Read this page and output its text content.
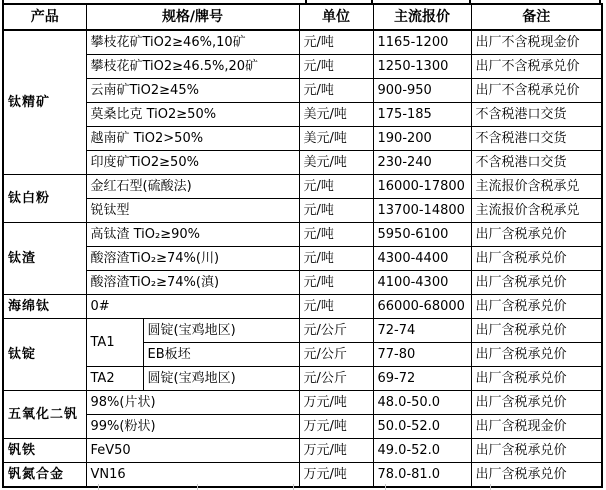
产品	规格/牌号		单位	主流报价	备注
钛精矿	攀枝花矿TiO2≥46%,10矿		元/吨	1165-1200	出厂不含税现金价
	攀枝花矿TiO2≥46.5%,20矿		元/吨	1250-1300	出厂不含税承兑价
	云南矿TiO2≥45%		元/吨	900-950	出厂不含税承兑价
	莫桑比克 TiO2≥50%		美元/吨	175-185	不含税港口交货
	越南矿 TiO2>50%		美元/吨	190-200	不含税港口交货
	印度矿TiO2≥50%		美元/吨	230-240	不含税港口交货
钛白粉	金红石型(硫酸法)		元/吨	16000-17800	主流报价含税承兑
	锐钛型		元/吨	13700-14800	主流报价含税承兑
钛渣	高钛渣 TiO₂≥90%		元/吨	5950-6100	出厂含税承兑价
	酸溶渣TiO₂≥74%(川)		元/吨	4300-4400	出厂含税承兑价
	酸溶渣TiO₂≥74%(滇)		元/吨	4100-4300	出厂含税承兑价
海绵钛	0#		元/吨	66000-68000	出厂含税承兑价
钛锭	TA1	圆锭(宝鸡地区)	元/公斤	72-74	出厂含税承兑价
		EB板坯	元/公斤	77-80	出厂含税承兑价
	TA2	圆锭(宝鸡地区)	元/公斤	69-72	出厂含税承兑价
五氧化二钒	98%(片状)		万元/吨	48.0-50.0	出厂含税承兑价
	99%(粉状)		万元/吨	50.0-52.0	出厂含税现金价
钒铁	FeV50		万元/吨	49.0-52.0	出厂含税承兑价
钒氮合金	VN16		万元/吨	78.0-81.0	出厂含税承兑价
